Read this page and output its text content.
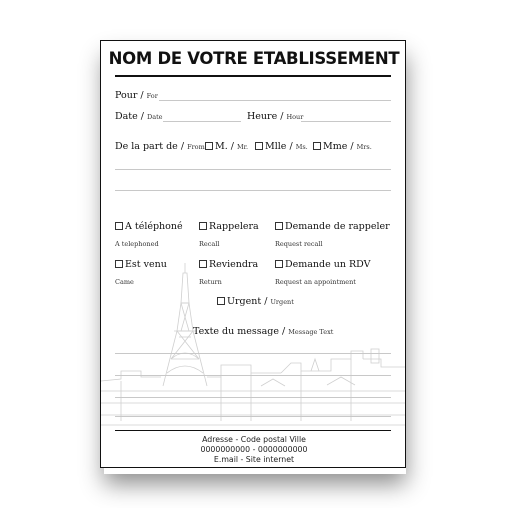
NOM DE VOTRE ETABLISSEMENT
Pour / For
Date / Date	Heure / Hour
De la part de / From	M. / Mr.	Mlle / Ms.	Mme / Mrs.
A téléphoné
A telephoned
Rappelera
Recall
Demande de rappeler
Request recall
Est venu
Came
Reviendra
Return
Demande un RDV
Request an appointment
Urgent / Urgent
Texte du message / Message Text
Adresse - Code postal Ville
0000000000 - 0000000000
E.mail - Site internet
